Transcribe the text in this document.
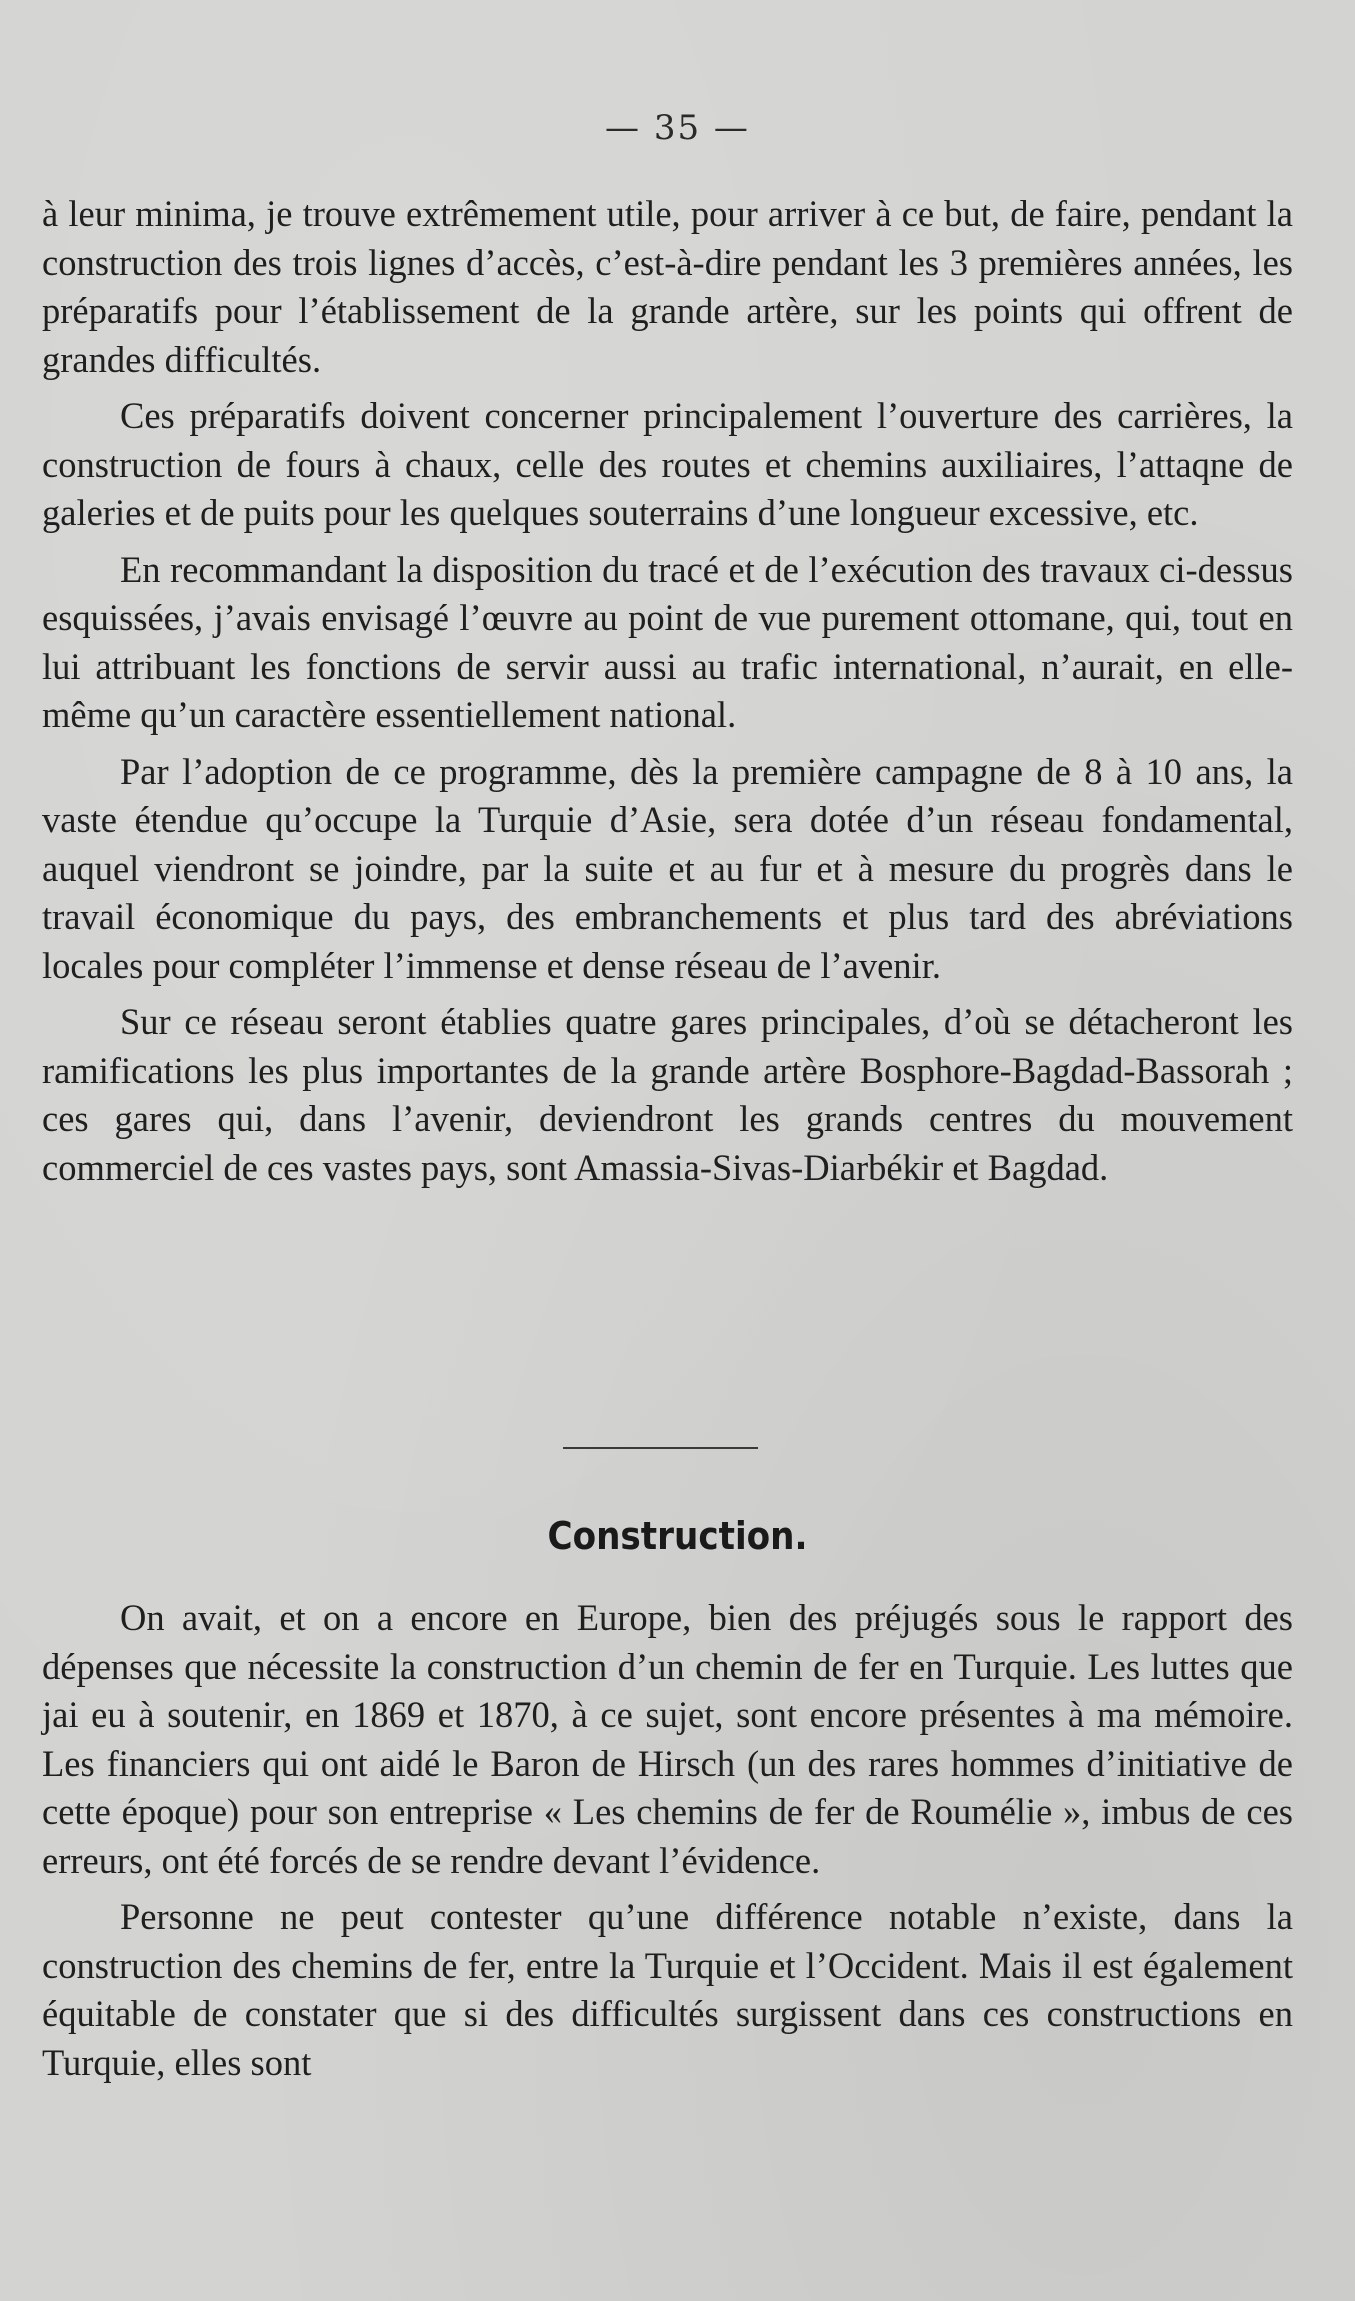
— 35 —

à leur minima, je trouve extrêmement utile, pour arriver à ce but, de faire, pendant la construction des trois lignes d’accès, c’est-à-dire pendant les 3 premières années, les préparatifs pour l’établissement de la grande artère, sur les points qui offrent de grandes difficultés.

Ces préparatifs doivent concerner principalement l’ouverture des carrières, la construction de fours à chaux, celle des routes et chemins auxiliaires, l’attaqne de galeries et de puits pour les quelques souterrains d’une longueur excessive, etc.

En recommandant la disposition du tracé et de l’exécution des travaux ci-dessus esquissées, j’avais envisagé l’œuvre au point de vue purement ottomane, qui, tout en lui attribuant les fonctions de servir aussi au trafic international, n’aurait, en elle-même qu’un caractère essentiellement national.

Par l’adoption de ce programme, dès la première campagne de 8 à 10 ans, la vaste étendue qu’occupe la Turquie d’Asie, sera dotée d’un réseau fondamental, auquel viendront se joindre, par la suite et au fur et à mesure du progrès dans le travail économique du pays, des embranchements et plus tard des abréviations locales pour compléter l’immense et dense réseau de l’avenir.

Sur ce réseau seront établies quatre gares principales, d’où se détacheront les ramifications les plus importantes de la grande artère Bosphore-Bagdad-Bassorah ; ces gares qui, dans l’avenir, deviendront les grands centres du mouvement commerciel de ces vastes pays, sont Amassia-Sivas-Diarbékir et Bagdad.

Construction.

On avait, et on a encore en Europe, bien des préjugés sous le rapport des dépenses que nécessite la construction d’un chemin de fer en Turquie. Les luttes que jai eu à soutenir, en 1869 et 1870, à ce sujet, sont encore présentes à ma mémoire. Les financiers qui ont aidé le Baron de Hirsch (un des rares hommes d’initiative de cette époque) pour son entreprise « Les chemins de fer de Roumélie », imbus de ces erreurs, ont été forcés de se rendre devant l’évidence.

Personne ne peut contester qu’une différence notable n’existe, dans la construction des chemins de fer, entre la Turquie et l’Occident. Mais il est également équitable de constater que si des difficultés surgissent dans ces constructions en Turquie, elles sont
